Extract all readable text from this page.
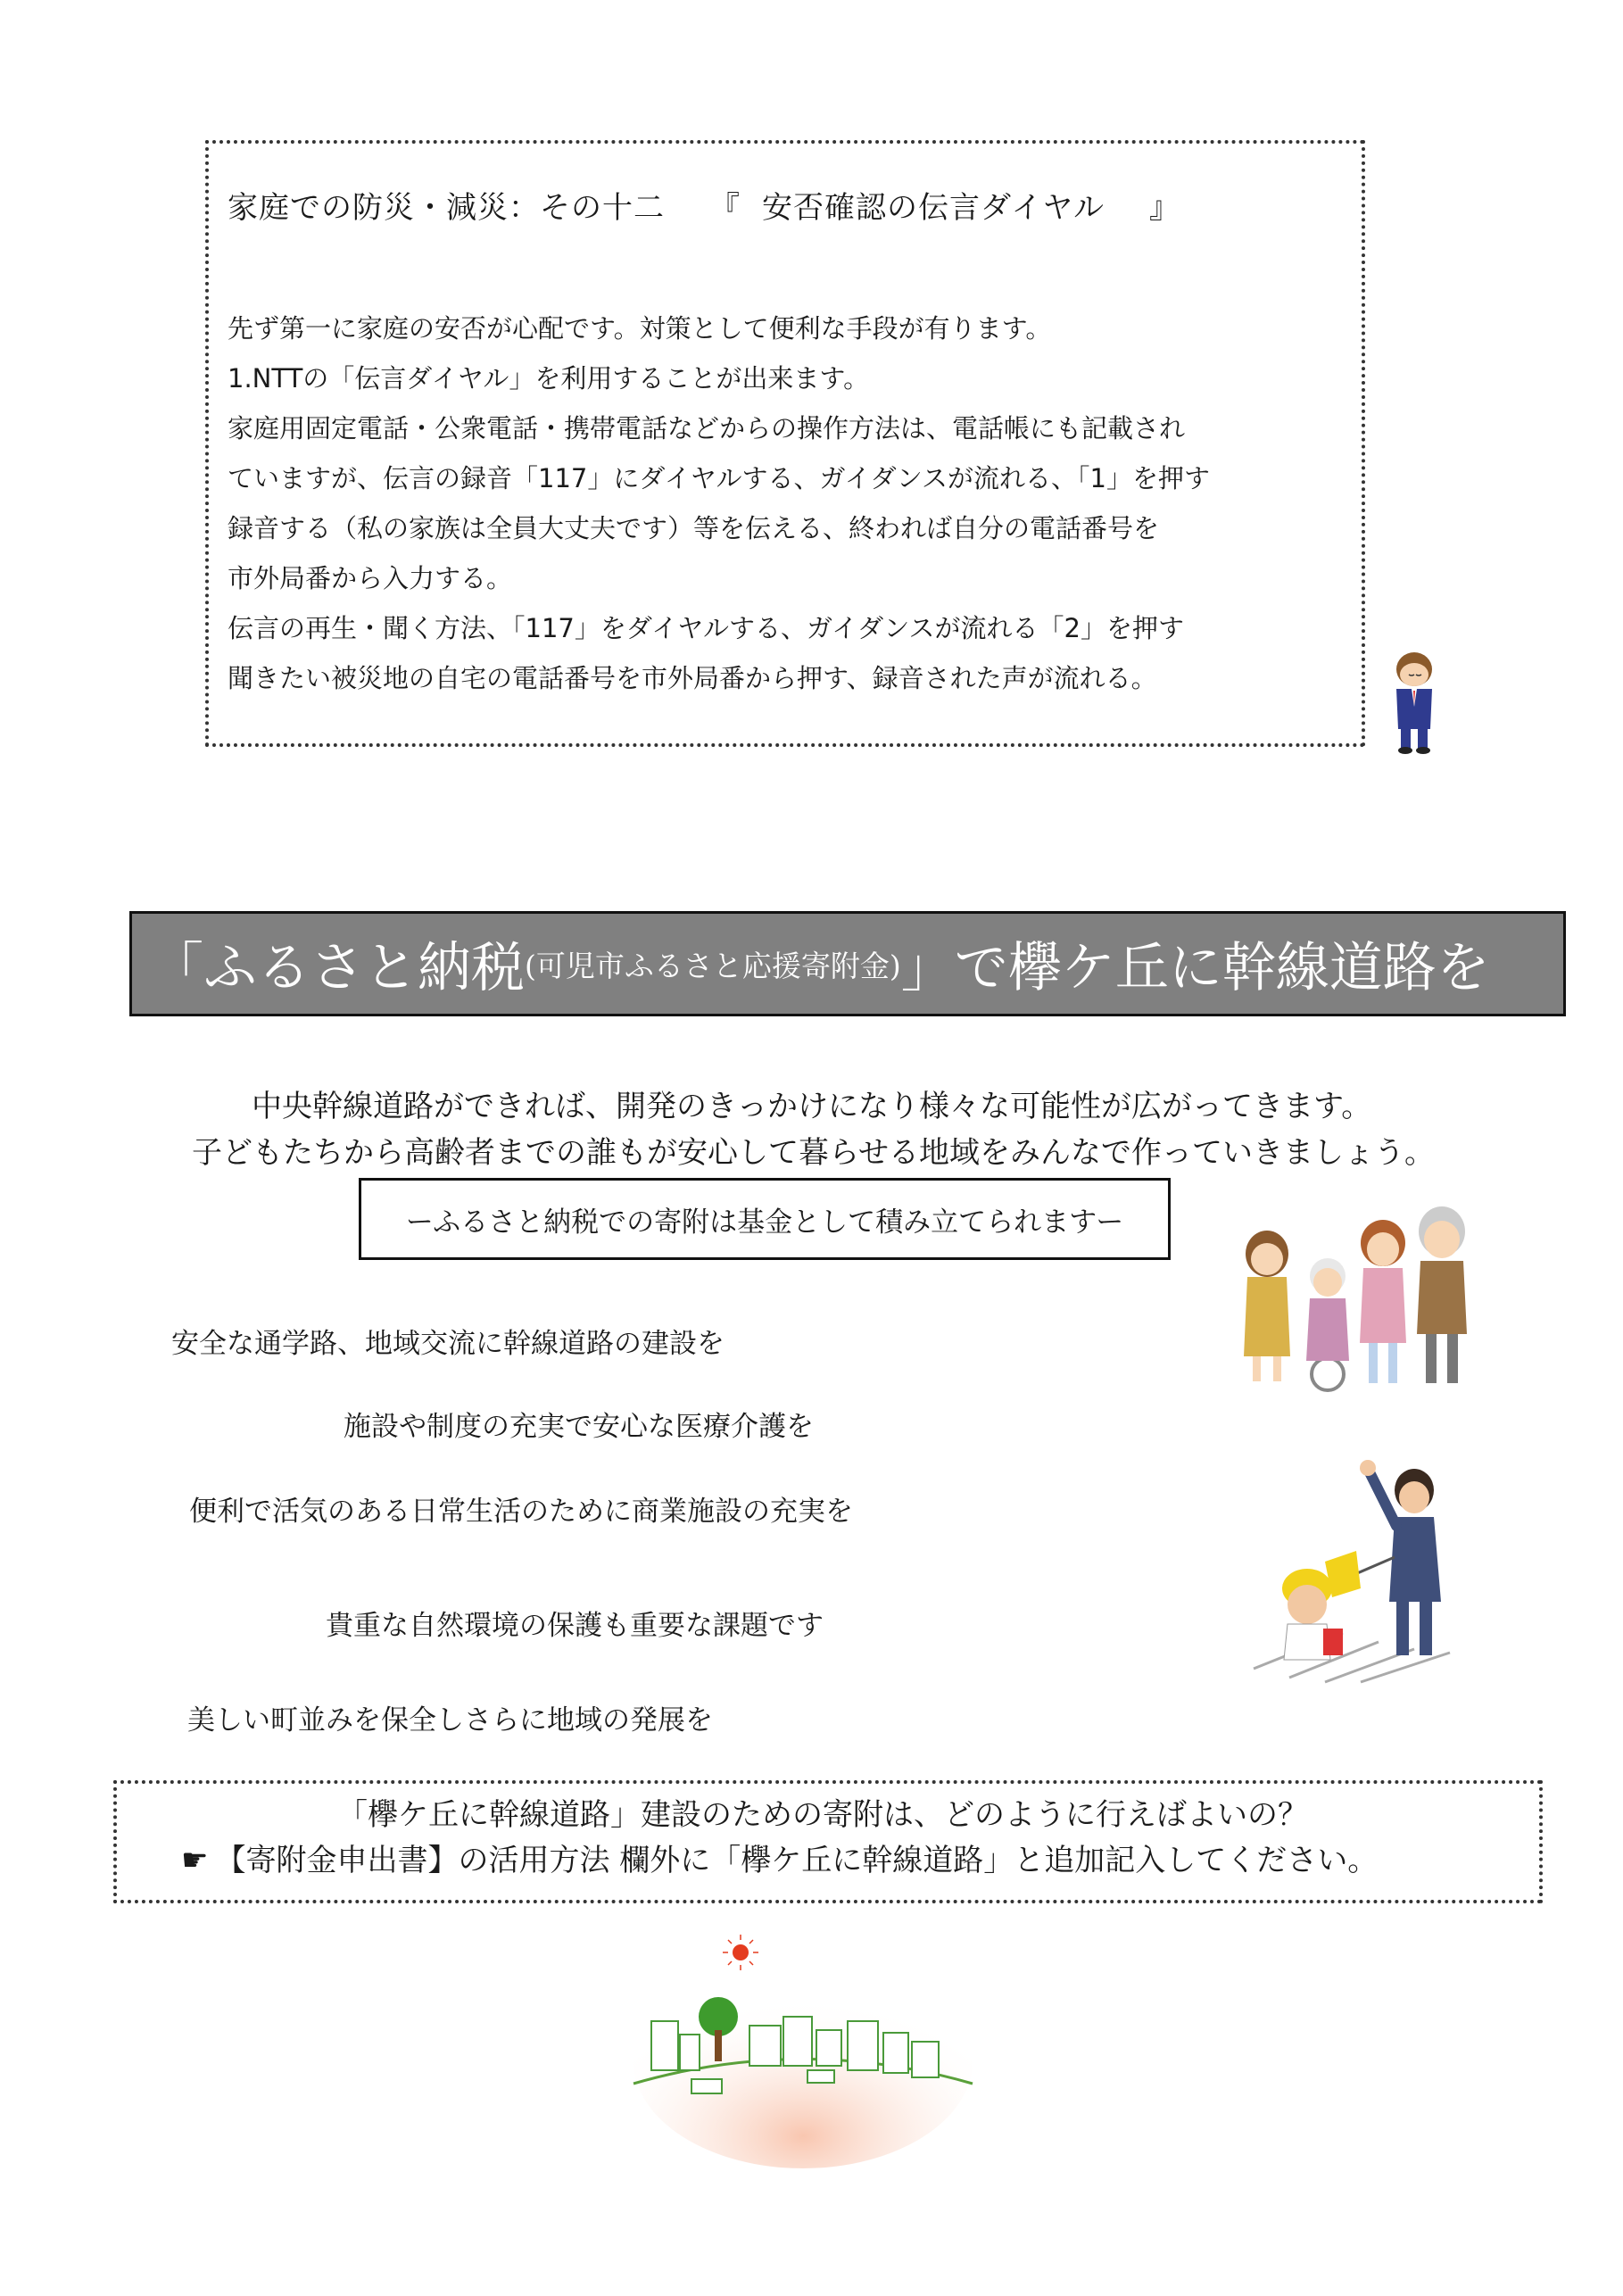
家庭での防災・減災：その十二 『 安否確認の伝言ダイヤル 』
先ず第一に家庭の安否が心配です。対策として便利な手段が有ります。
1.NTTの「伝言ダイヤル」を利用することが出来ます。
家庭用固定電話・公衆電話・携帯電話などからの操作方法は、電話帳にも記載され
ていますが、伝言の録音「117」にダイヤルする、ガイダンスが流れる、「1」を押す
録音する（私の家族は全員大丈夫です）等を伝える、終われば自分の電話番号を
市外局番から入力する。
伝言の再生・聞く方法、「117」をダイヤルする、ガイダンスが流れる「2」を押す
聞きたい被災地の自宅の電話番号を市外局番から押す、録音された声が流れる。
「ふるさと納税 (可児市ふるさと応援寄附金) 」で欅ケ丘に幹線道路を
中央幹線道路ができれば、開発のきっかけになり様々な可能性が広がってきます。
子どもたちから高齢者までの誰もが安心して暮らせる地域をみんなで作っていきましょう。
ーふるさと納税での寄附は基金として積み立てられますー
安全な通学路、地域交流に幹線道路の建設を
施設や制度の充実で安心な医療介護を
便利で活気のある日常生活のために商業施設の充実を
貴重な自然環境の保護も重要な課題です
美しい町並みを保全しさらに地域の発展を
「欅ケ丘に幹線道路」建設のための寄附は、どのように行えばよいの？
☛ 【寄附金申出書】の活用方法 欄外に「欅ケ丘に幹線道路」と追加記入してください。
